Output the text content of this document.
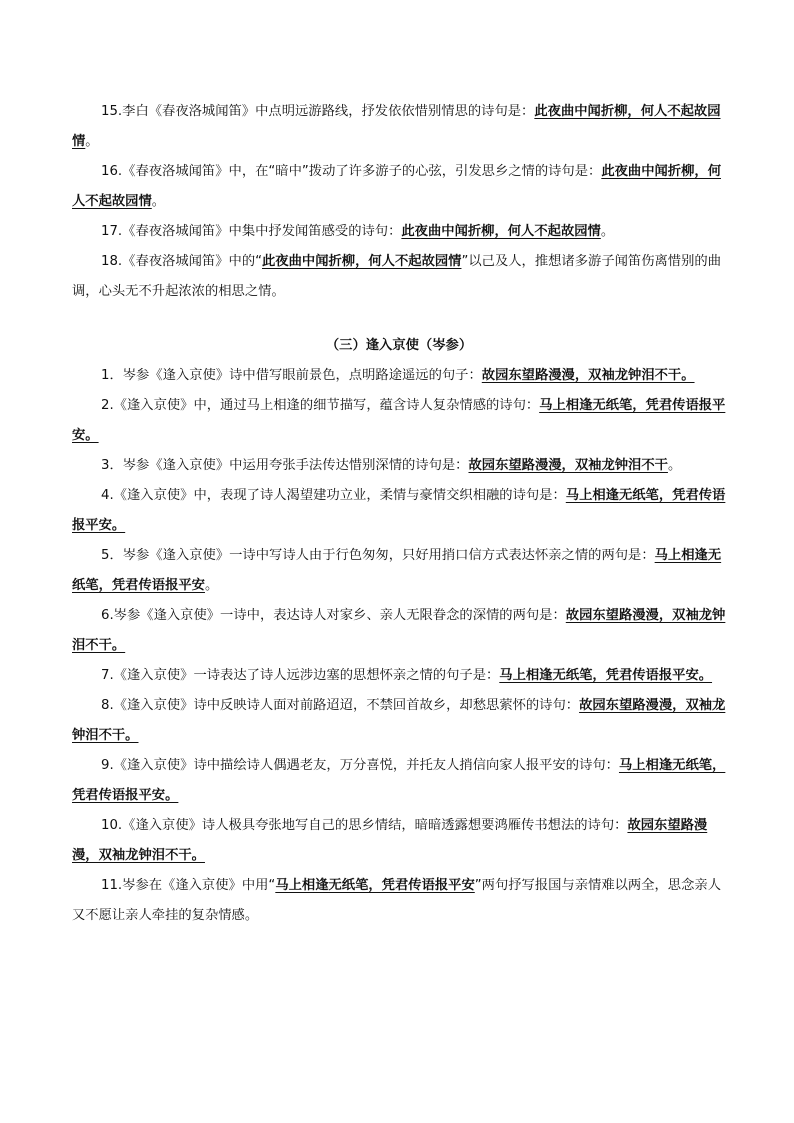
15.李白《春夜洛城闻笛》中点明远游路线，抒发依依惜别情思的诗句是：此夜曲中闻折柳，何人不起故园情。

16.《春夜洛城闻笛》中，在“暗中”拨动了许多游子的心弦，引发思乡之情的诗句是：此夜曲中闻折柳，何人不起故园情。

17.《春夜洛城闻笛》中集中抒发闻笛感受的诗句：此夜曲中闻折柳，何人不起故园情。

18.《春夜洛城闻笛》中的“此夜曲中闻折柳，何人不起故园情”以己及人，推想诸多游子闻笛伤离惜别的曲调，心头无不升起浓浓的相思之情。

（三）逢入京使（岑参）

1．岑参《逢入京使》诗中借写眼前景色，点明路途遥远的句子：故园东望路漫漫，双袖龙钟泪不干。

2.《逢入京使》中，通过马上相逢的细节描写，蕴含诗人复杂情感的诗句：马上相逢无纸笔，凭君传语报平安。

3．岑参《逢入京使》中运用夸张手法传达惜别深情的诗句是：故园东望路漫漫，双袖龙钟泪不干。

4.《逢入京使》中，表现了诗人渴望建功立业，柔情与豪情交织相融的诗句是：马上相逢无纸笔，凭君传语报平安。

5．岑参《逢入京使》一诗中写诗人由于行色匆匆，只好用捎口信方式表达怀亲之情的两句是：马上相逢无纸笔，凭君传语报平安。

6.岑参《逢入京使》一诗中，表达诗人对家乡、亲人无限眷念的深情的两句是：故园东望路漫漫，双袖龙钟泪不干。

7.《逢入京使》一诗表达了诗人远涉边塞的思想怀亲之情的句子是：马上相逢无纸笔，凭君传语报平安。

8.《逢入京使》诗中反映诗人面对前路迢迢，不禁回首故乡，却愁思萦怀的诗句：故园东望路漫漫，双袖龙钟泪不干。

9.《逢入京使》诗中描绘诗人偶遇老友，万分喜悦，并托友人捎信向家人报平安的诗句：马上相逢无纸笔，凭君传语报平安。

10.《逢入京使》诗人极具夸张地写自己的思乡情结，暗暗透露想要鸿雁传书想法的诗句：故园东望路漫漫，双袖龙钟泪不干。

11.岑参在《逢入京使》中用“马上相逢无纸笔，凭君传语报平安”两句抒写报国与亲情难以两全，思念亲人又不愿让亲人牵挂的复杂情感。
